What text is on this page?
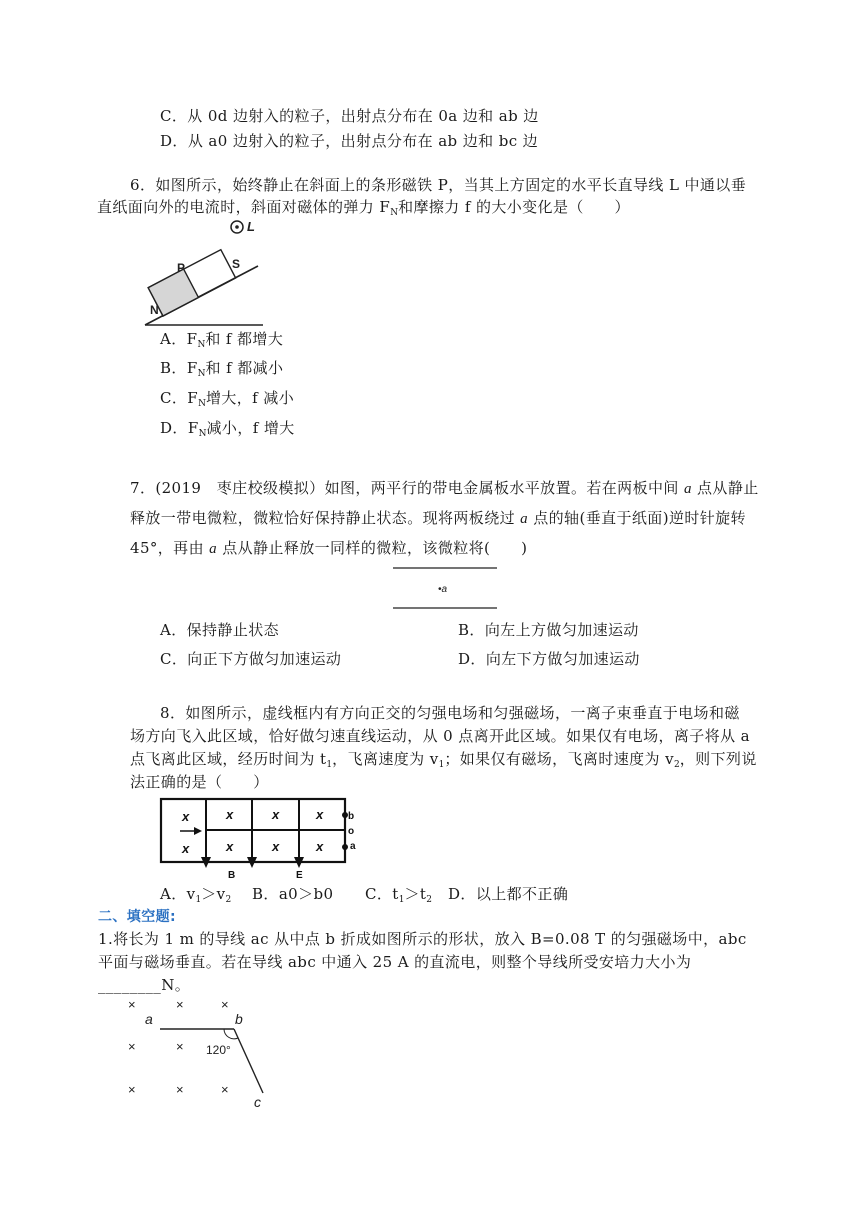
C．从 0d 边射入的粒子，出射点分布在 0a 边和 ab 边
D．从 a0 边射入的粒子，出射点分布在 ab 边和 bc 边
6．如图所示，始终静止在斜面上的条形磁铁 P，当其上方固定的水平长直导线 L 中通以垂
直纸面向外的电流时，斜面对磁体的弹力 $F_N$和摩擦力 f 的大小变化是（　　）
L
P	S
N
A．$F_N$和 f 都增大
B．$F_N$和 f 都减小
C．$F_N$增大，f 减小
D．$F_N$减小，f 增大
7．(2019　枣庄校级模拟）如图，两平行的带电金属板水平放置。若在两板中间 a 点从静止
释放一带电微粒，微粒恰好保持静止状态。现将两板绕过 a 点的轴(垂直于纸面)逆时针旋转
45°，再由 a 点从静止释放一同样的微粒，该微粒将(　　)
•a
A．保持静止状态	B．向左上方做匀加速运动
C．向正下方做匀加速运动	D．向左下方做匀加速运动
8．如图所示，虚线框内有方向正交的匀强电场和匀强磁场，一离子束垂直于电场和磁
场方向飞入此区域，恰好做匀速直线运动，从 0 点离开此区域。如果仅有电场，离子将从 a
点飞离此区域，经历时间为 $t_1$，飞离速度为 $v_1$；如果仅有磁场，飞离时速度为 $v_2$，则下列说
法正确的是（　　）
x	x	x	x
x	x	x	x
b
o
a
B	E
A．$v_1>v_2$ B．a0＞b0 C．$t_1>t_2$ D．以上都不正确
二、填空题:
1.将长为 1 m 的导线 ac 从中点 b 折成如图所示的形状，放入 B=0.08 T 的匀强磁场中，abc
平面与磁场垂直。若在导线 abc 中通入 25 A 的直流电，则整个导线所受安培力大小为
________N。
×	×	×
×	×
×	×	×
a	b
c
120°
